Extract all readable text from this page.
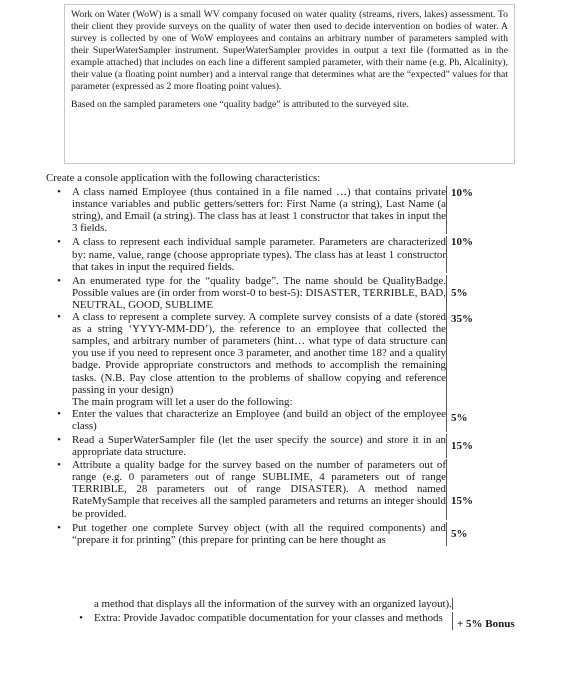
Work on Water (WoW) is a small WV company focused on water quality (streams, rivers, lakes) assessment. To their client they provide surveys on the quality of water then used to decide intervention on bodies of water. A survey is collected by one of WoW employees and contains an arbitrary number of parameters sampled with their SuperWaterSampler instrument. SuperWaterSampler provides in output a text file (formatted as in the example attached) that includes on each line a different sampled parameter, with their name (e.g. Ph, Alcalinity), their value (a floating point number) and a interval range that determines what are the “expected” values for that parameter (expressed as 2 more floating point values).

Based on the sampled parameters one “quality badge” is attributed to the surveyed site.

Create a console application with the following characteristics:
•	A class named Employee (thus contained in a file named …) that contains private instance variables and public getters/setters for: First Name (a string), Last Name (a string), and Email (a string). The class has at least 1 constructor that takes in input the 3 fields.
10%
•	A class to represent each individual sample parameter. Parameters are characterized by: name, value, range (choose appropriate types). The class has at least 1 constructor that takes in input the required fields.
10%
•	An enumerated type for the “quality badge”. The name should be QualityBadge. Possible values are (in order from worst-0 to best-5): DISASTER, TERRIBLE, BAD, NEUTRAL, GOOD, SUBLIME
5%
•	A class to represent a complete survey. A complete survey consists of a date (stored as a string ‘YYYY-MM-DD’), the reference to an employee that collected the samples, and arbitrary number of parameters (hint… what type of data structure can you use if you need to represent once 3 parameter, and another time 18? and a quality badge. Provide appropriate constructors and methods to accomplish the remaining tasks. (N.B. Pay close attention to the problems of shallow copying and reference passing in your design)
35%
The main program will let a user do the following:
•	Enter the values that characterize an Employee (and build an object of the employee class)
5%
•	Read a SuperWaterSampler file (let the user specify the source) and store it in an appropriate data structure.
15%
•	Attribute a quality badge for the survey based on the number of parameters out of range (e.g. 0 parameters out of range SUBLIME, 4 parameters out of range TERRIBLE, 28 parameters out of range DISASTER). A method named RateMySample that receives all the sampled parameters and returns an integer should be provided.
15%
•	Put together one complete Survey object (with all the required components) and “prepare it for printing” (this prepare for printing can be here thought as
5%
a method that displays all the information of the survey with an organized layout).
•	Extra: Provide Javadoc compatible documentation for your classes and methods	+ 5% Bonus
